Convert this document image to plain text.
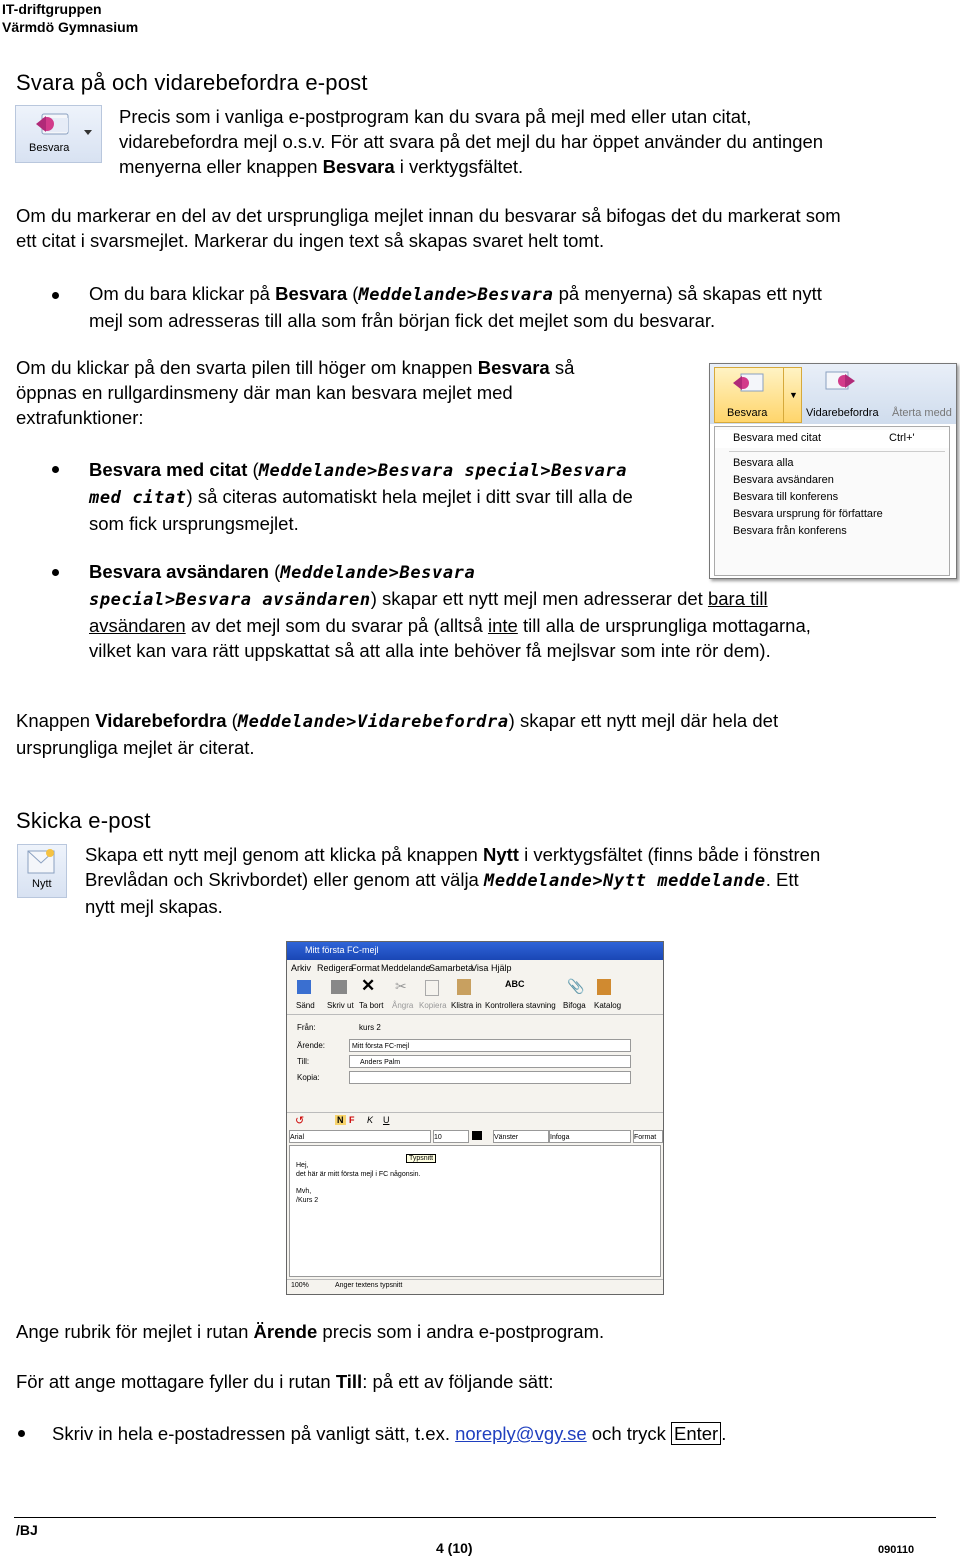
IT-driftgruppen
Värmdö Gymnasium
Svara på och vidarebefordra e-post
Besvara
Precis som i vanliga e-postprogram kan du svara på mejl med eller utan citat,
vidarebefordra mejl o.s.v. För att svara på det mejl du har öppet använder du antingen
menyerna eller knappen Besvara i verktygsfältet.
Om du markerar en del av det ursprungliga mejlet innan du besvarar så bifogas det du markerat som
ett citat i svarsmejlet. Markerar du ingen text så skapas svaret helt tomt.
Om du bara klickar på Besvara (Meddelande>Besvara på menyerna) så skapas ett nytt
mejl som adresseras till alla som från början fick det mejlet som du besvarar.
Om du klickar på den svarta pilen till höger om knappen Besvara så
öppnas en rullgardinsmeny där man kan besvara mejlet med
extrafunktioner:	Besvara
▼
Vidarebefordra Återta medd
Besvara med citat	Ctrl+'
Besvara alla
Besvara avsändaren
Besvara till konferens
Besvara ursprung för författare
Besvara från konferens
Besvara med citat (Meddelande>Besvara special>Besvara
med citat) så citeras automatiskt hela mejlet i ditt svar till alla de
som fick ursprungsmejlet.
Besvara avsändaren (Meddelande>Besvara
special>Besvara avsändaren) skapar ett nytt mejl men adresserar det bara till
avsändaren av det mejl som du svarar på (alltså inte till alla de ursprungliga mottagarna,
vilket kan vara rätt uppskattat så att alla inte behöver få mejlsvar som inte rör dem).
Knappen Vidarebefordra (Meddelande>Vidarebefordra) skapar ett nytt mejl där hela det
ursprungliga mejlet är citerat.
Skicka e-post
Nytt
Skapa ett nytt mejl genom att klicka på knappen Nytt i verktygsfältet (finns både i fönstren
Brevlådan och Skrivbordet) eller genom att välja Meddelande>Nytt meddelande. Ett
nytt mejl skapas.
Mitt första FC-mejl
Arkiv Redigera
Format Meddelande
Samarbeta
Visa Hjälp
Sänd Skriv ut
✕
Ta bort
✂
Ångra Kopiera Klistra in
ABC
Kontrollera stavning
📎
Bifoga Katalog
Från:	kurs 2
Ärende:	Mitt första FC-mejl
Till:	Anders Palm
Kopia:
↺	N F K U
Arial	10	Vänster	Infoga	Format
Typsnitt
Hej,
det här är mitt första mejl i FC någonsin.
Mvh,
/Kurs 2
100%	Anger textens typsnitt
Ange rubrik för mejlet i rutan Ärende precis som i andra e-postprogram.
För att ange mottagare fyller du i rutan Till: på ett av följande sätt:
Skriv in hela e-postadressen på vanligt sätt, t.ex. noreply@vgy.se och tryck Enter .
/BJ
4 (10)	090110
